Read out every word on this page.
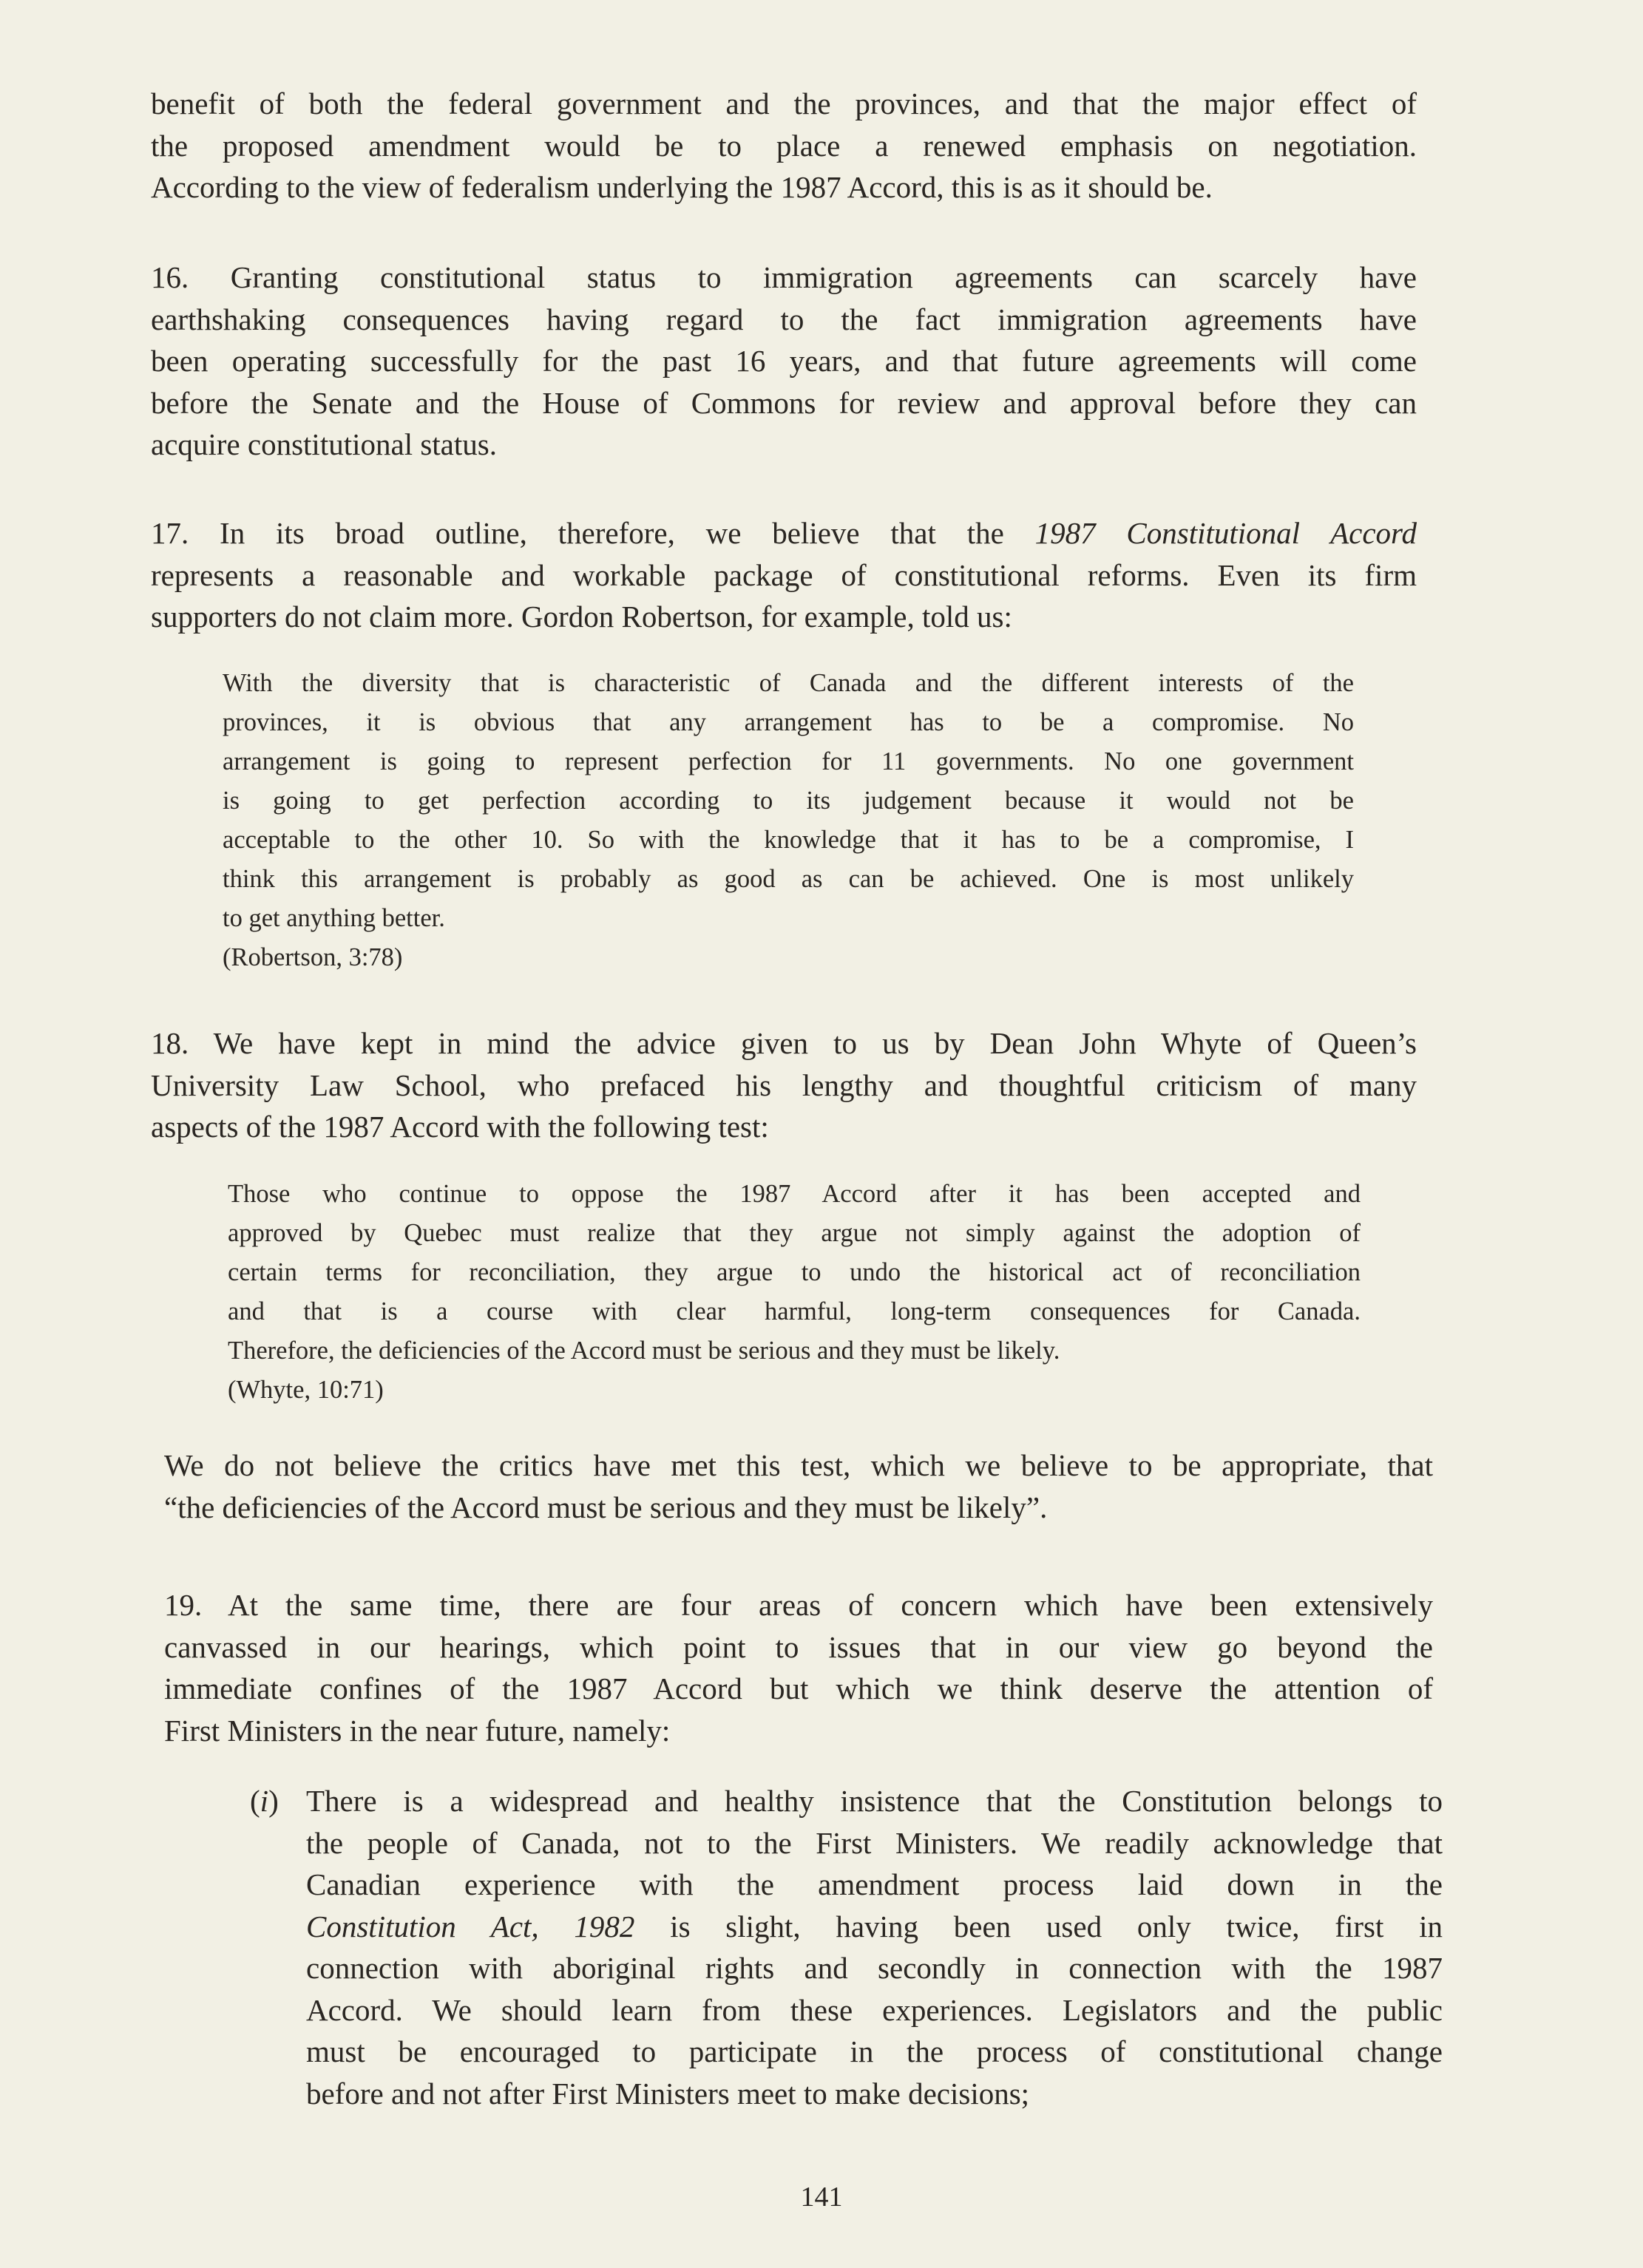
benefit of both the federal government and the provinces, and that the major effect of
the proposed amendment would be to place a renewed emphasis on negotiation.
According to the view of federalism underlying the 1987 Accord, this is as it should be.
16. Granting constitutional status to immigration agreements can scarcely have
earthshaking consequences having regard to the fact immigration agreements have
been operating successfully for the past 16 years, and that future agreements will come
before the Senate and the House of Commons for review and approval before they can
acquire constitutional status.
17. In its broad outline, therefore, we believe that the 1987 Constitutional Accord
represents a reasonable and workable package of constitutional reforms. Even its firm
supporters do not claim more. Gordon Robertson, for example, told us:
With the diversity that is characteristic of Canada and the different interests of the
provinces, it is obvious that any arrangement has to be a compromise. No
arrangement is going to represent perfection for 11 governments. No one government
is going to get perfection according to its judgement because it would not be
acceptable to the other 10. So with the knowledge that it has to be a compromise, I
think this arrangement is probably as good as can be achieved. One is most unlikely
to get anything better.
(Robertson, 3:78)
18. We have kept in mind the advice given to us by Dean John Whyte of Queen’s
University Law School, who prefaced his lengthy and thoughtful criticism of many
aspects of the 1987 Accord with the following test:
Those who continue to oppose the 1987 Accord after it has been accepted and
approved by Quebec must realize that they argue not simply against the adoption of
certain terms for reconciliation, they argue to undo the historical act of reconciliation
and that is a course with clear harmful, long-term consequences for Canada.
Therefore, the deficiencies of the Accord must be serious and they must be likely.
(Whyte, 10:71)
We do not believe the critics have met this test, which we believe to be appropriate, that
“the deficiencies of the Accord must be serious and they must be likely”.
19. At the same time, there are four areas of concern which have been extensively
canvassed in our hearings, which point to issues that in our view go beyond the
immediate confines of the 1987 Accord but which we think deserve the attention of
First Ministers in the near future, namely:
(i) There is a widespread and healthy insistence that the Constitution belongs to
the people of Canada, not to the First Ministers. We readily acknowledge that
Canadian experience with the amendment process laid down in the
Constitution Act, 1982 is slight, having been used only twice, first in
connection with aboriginal rights and secondly in connection with the 1987
Accord. We should learn from these experiences. Legislators and the public
must be encouraged to participate in the process of constitutional change
before and not after First Ministers meet to make decisions;
141
